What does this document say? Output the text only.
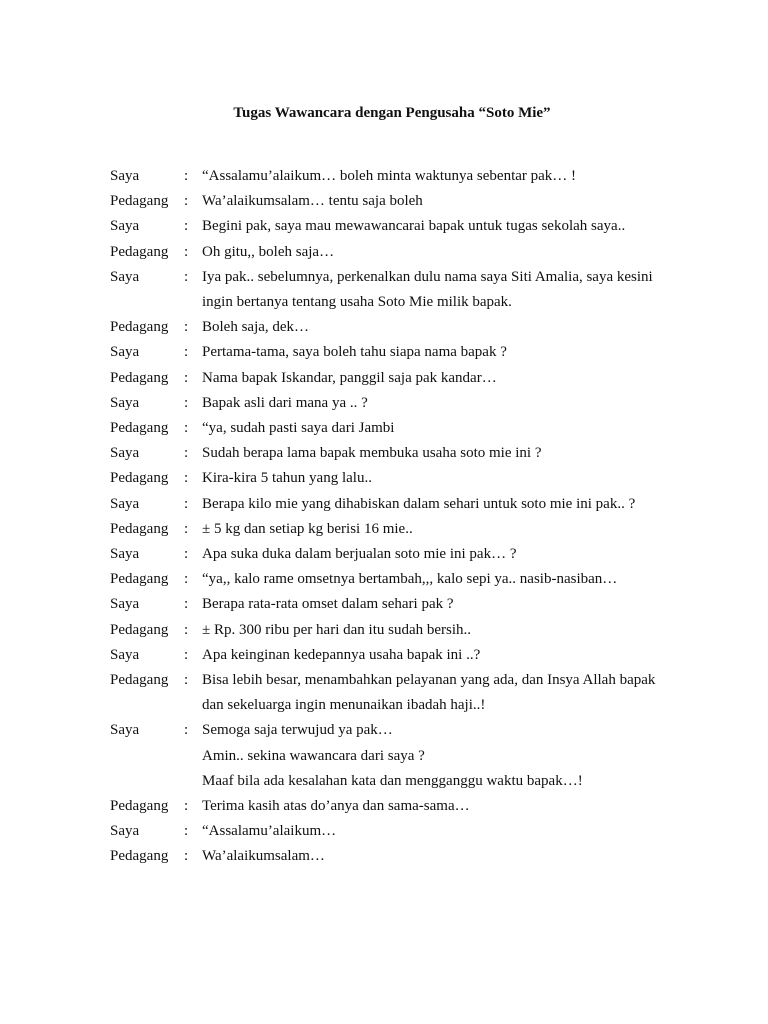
Tugas Wawancara dengan Pengusaha “Soto Mie”
Saya	: “Assalamu’alaikum… boleh minta waktunya sebentar pak… !
Pedagang	: Wa’alaikumsalam… tentu saja boleh
Saya	: Begini pak, saya mau mewawancarai bapak untuk tugas sekolah saya..
Pedagang	: Oh gitu,, boleh saja…
Saya	: Iya pak.. sebelumnya, perkenalkan dulu nama saya Siti Amalia, saya kesini
ingin bertanya tentang usaha Soto Mie milik bapak.
Pedagang	: Boleh saja, dek…
Saya	: Pertama-tama, saya boleh tahu siapa nama bapak ?
Pedagang	: Nama bapak Iskandar, panggil saja pak kandar…
Saya	: Bapak asli dari mana ya .. ?
Pedagang	: “ya, sudah pasti saya dari Jambi
Saya	: Sudah berapa lama bapak membuka usaha soto mie ini ?
Pedagang	: Kira-kira 5 tahun yang lalu..
Saya	: Berapa kilo mie yang dihabiskan dalam sehari untuk soto mie ini pak.. ?
Pedagang	: ± 5 kg dan setiap kg berisi 16 mie..
Saya	: Apa suka duka dalam berjualan soto mie ini pak… ?
Pedagang	: “ya,, kalo rame omsetnya bertambah,,, kalo sepi ya.. nasib-nasiban…
Saya	: Berapa rata-rata omset dalam sehari pak ?
Pedagang	: ± Rp. 300 ribu per hari dan itu sudah bersih..
Saya	: Apa keinginan kedepannya usaha bapak ini ..?
Pedagang	: Bisa lebih besar, menambahkan pelayanan yang ada, dan Insya Allah bapak
dan sekeluarga ingin menunaikan ibadah haji..!
Saya	: Semoga saja terwujud ya pak…
Amin.. sekina wawancara dari saya ?
Maaf bila ada kesalahan kata dan mengganggu waktu bapak…!
Pedagang	: Terima kasih atas do’anya dan sama-sama…
Saya	: “Assalamu’alaikum…
Pedagang	: Wa’alaikumsalam…
